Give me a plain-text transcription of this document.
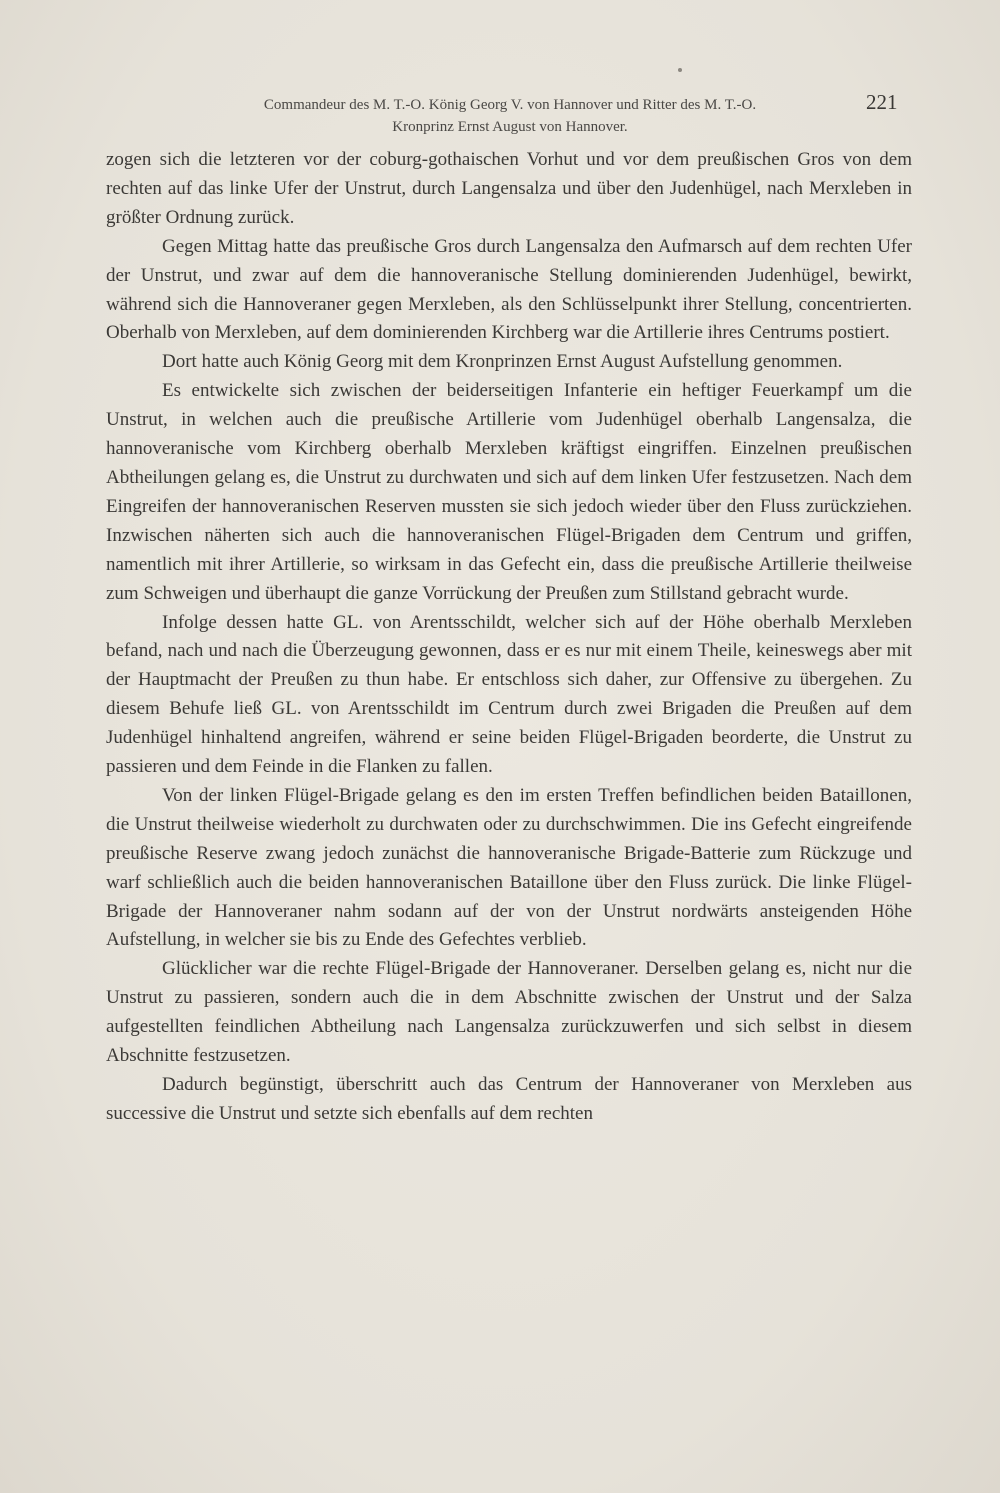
Commandeur des M. T.-O. König Georg V. von Hannover und Ritter des M. T.-O.
Kronprinz Ernst August von Hannover.
221

zogen sich die letzteren vor der coburg-gothaischen Vorhut und vor dem preußischen Gros von dem rechten auf das linke Ufer der Unstrut, durch Langensalza und über den Judenhügel, nach Merxleben in größter Ordnung zurück.

Gegen Mittag hatte das preußische Gros durch Langensalza den Aufmarsch auf dem rechten Ufer der Unstrut, und zwar auf dem die hannoveranische Stellung dominierenden Judenhügel, bewirkt, während sich die Hannoveraner gegen Merxleben, als den Schlüsselpunkt ihrer Stellung, concentrierten. Oberhalb von Merxleben, auf dem dominierenden Kirchberg war die Artillerie ihres Centrums postiert.

Dort hatte auch König Georg mit dem Kronprinzen Ernst August Aufstellung genommen.

Es entwickelte sich zwischen der beiderseitigen Infanterie ein heftiger Feuerkampf um die Unstrut, in welchen auch die preußische Artillerie vom Judenhügel oberhalb Langensalza, die hannoveranische vom Kirchberg oberhalb Merxleben kräftigst eingriffen. Einzelnen preußischen Abtheilungen gelang es, die Unstrut zu durchwaten und sich auf dem linken Ufer festzusetzen. Nach dem Eingreifen der hannoveranischen Reserven mussten sie sich jedoch wieder über den Fluss zurückziehen. Inzwischen näherten sich auch die hannoveranischen Flügel-Brigaden dem Centrum und griffen, namentlich mit ihrer Artillerie, so wirksam in das Gefecht ein, dass die preußische Artillerie theilweise zum Schweigen und überhaupt die ganze Vorrückung der Preußen zum Stillstand gebracht wurde.

Infolge dessen hatte GL. von Arentsschildt, welcher sich auf der Höhe oberhalb Merxleben befand, nach und nach die Überzeugung gewonnen, dass er es nur mit einem Theile, keineswegs aber mit der Hauptmacht der Preußen zu thun habe. Er entschloss sich daher, zur Offensive zu übergehen. Zu diesem Behufe ließ GL. von Arentsschildt im Centrum durch zwei Brigaden die Preußen auf dem Judenhügel hinhaltend angreifen, während er seine beiden Flügel-Brigaden beorderte, die Unstrut zu passieren und dem Feinde in die Flanken zu fallen.

Von der linken Flügel-Brigade gelang es den im ersten Treffen befindlichen beiden Bataillonen, die Unstrut theilweise wiederholt zu durchwaten oder zu durchschwimmen. Die ins Gefecht eingreifende preußische Reserve zwang jedoch zunächst die hannoveranische Brigade-Batterie zum Rückzuge und warf schließlich auch die beiden hannoveranischen Bataillone über den Fluss zurück. Die linke Flügel-Brigade der Hannoveraner nahm sodann auf der von der Unstrut nordwärts ansteigenden Höhe Aufstellung, in welcher sie bis zu Ende des Gefechtes verblieb.

Glücklicher war die rechte Flügel-Brigade der Hannoveraner. Derselben gelang es, nicht nur die Unstrut zu passieren, sondern auch die in dem Abschnitte zwischen der Unstrut und der Salza aufgestellten feindlichen Abtheilung nach Langensalza zurückzuwerfen und sich selbst in diesem Abschnitte festzusetzen.

Dadurch begünstigt, überschritt auch das Centrum der Hannoveraner von Merxleben aus successive die Unstrut und setzte sich ebenfalls auf dem rechten
